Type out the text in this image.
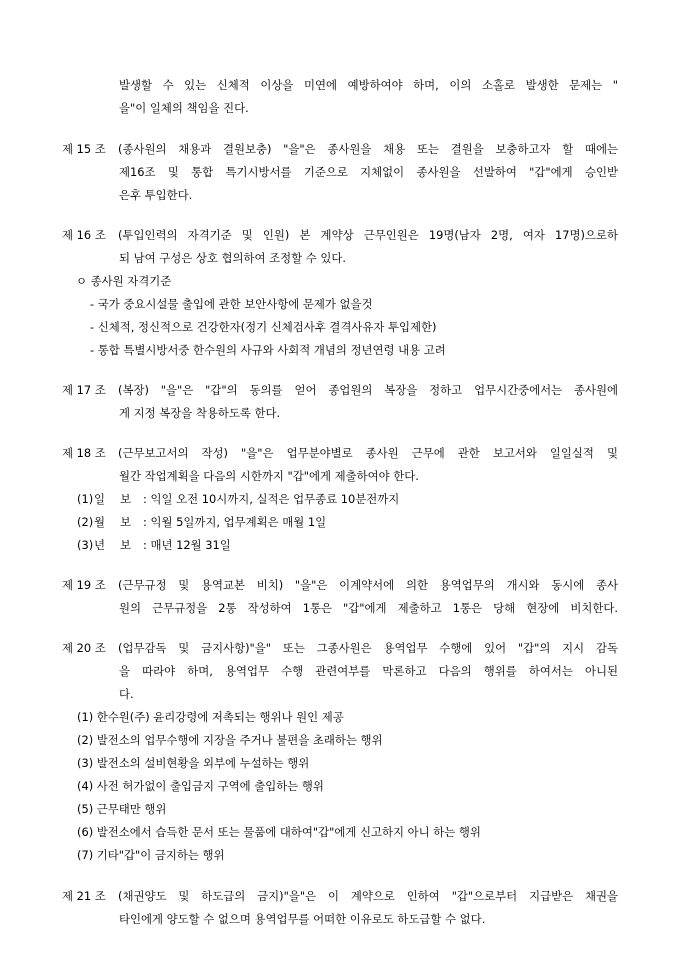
발생할 수 있는 신체적 이상을 미연에 예방하여야 하며, 이의 소홀로 발생한 문제는 "
을"이 일체의 책임을 진다.
제 15 조 (종사원의 채용과 결원보충) "을"은 종사원을 채용 또는 결원을 보충하고자 할 때에는
제16조 및 통합 특기시방서를 기준으로 지체없이 종사원을 선발하여 "갑"에게 승인받
은후 투입한다.
제 16 조 (투입인력의 자격기준 및 인원) 본 계약상 근무인원은 19명(남자 2명, 여자 17명)으로하
되 남여 구성은 상호 협의하여 조정할 수 있다.
ㅇ 종사원 자격기준
- 국가 중요시설물 출입에 관한 보안사항에 문제가 없을것
- 신체적, 정신적으로 건강한자(정기 신체검사후 결격사유자 투입제한)
- 통합 특별시방서중 한수원의 사규와 사회적 개념의 정년연령 내용 고려
제 17 조 (복장) "을"은 "갑"의 동의를 얻어 종업원의 복장을 정하고 업무시간중에서는 종사원에
게 지정 복장을 착용하도록 한다.
제 18 조 (근무보고서의 작성) "을"은 업무분야별로 종사원 근무에 관한 보고서와 일일실적 및
월간 작업계획을 다음의 시한까지 "갑"에게 제출하여야 한다.
(1) 일　 보 : 익일 오전 10시까지, 실적은 업무종료 10분전까지
(2) 월　 보 : 익월 5일까지, 업무계획은 매월 1일
(3) 년　 보 : 매년 12월 31일
제 19 조 (근무규정 및 용역교본 비치) "을"은 이계약서에 의한 용역업무의 개시와 동시에 종사
원의 근무규정을 2통 작성하여 1통은 "갑"에게 제출하고 1통은 당해 현장에 비치한다.
제 20 조 (업무감독 및 금지사항)"을" 또는 그종사원은 용역업무 수행에 있어 "갑"의 지시 감독
을 따라야 하며, 용역업무 수행 관련여부를 막론하고 다음의 행위를 하여서는 아니된
다.
(1) 한수원(주) 윤리강령에 저촉되는 행위나 원인 제공
(2) 발전소의 업무수행에 지장을 주거나 불편을 초래하는 행위
(3) 발전소의 설비현황을 외부에 누설하는 행위
(4) 사전 허가없이 출입금지 구역에 출입하는 행위
(5) 근무태만 행위
(6) 발전소에서 습득한 문서 또는 물품에 대하여"갑"에게 신고하지 아니 하는 행위
(7) 기타"갑"이 금지하는 행위
제 21 조 (채권양도 및 하도급의 금지)"을"은 이 계약으로 인하여 "갑"으로부터 지급받은 채권을
타인에게 양도할 수 없으며 용역업무를 어떠한 이유로도 하도급할 수 없다.
